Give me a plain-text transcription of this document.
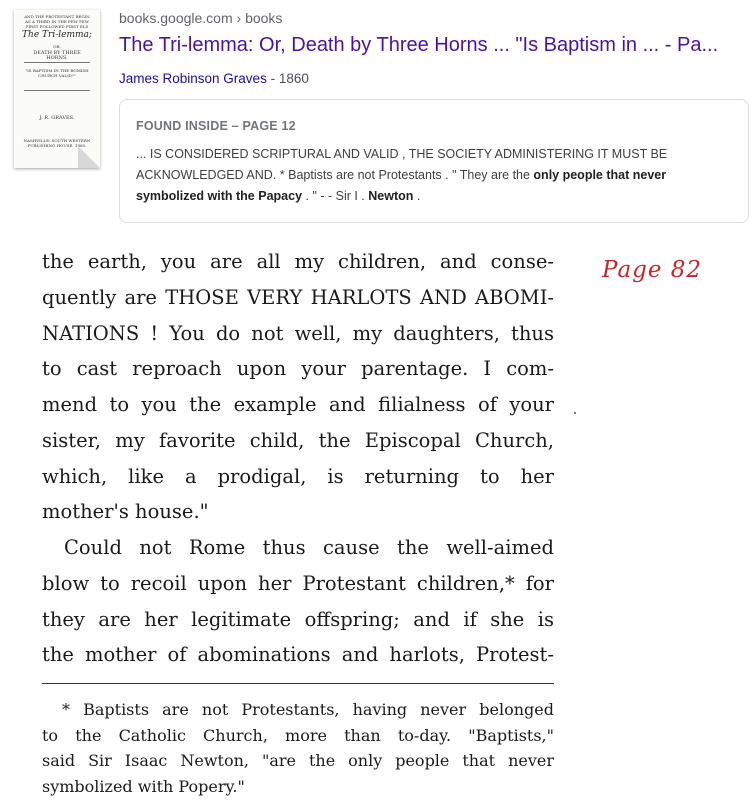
AND THE PROTESTANT BEGIN AS A THIRD IN THE FEW FEW FIRST FOLLOWED FIRST ELS
The Tri-lemma;
OR,
DEATH BY THREE HORNS.
"IS BAPTISM IN THE ROMISH CHURCH VALID?"
J. R. GRAVES.
NASHVILLE: SOUTH WESTERN PUBLISHING HOUSE. 1860.
books.google.com › books
The Tri-lemma: Or, Death by Three Horns ... "Is Baptism in ... - Pa...
James Robinson Graves - 1860
FOUND INSIDE – PAGE 12
... IS CONSIDERED SCRIPTURAL AND VALID , THE SOCIETY ADMINISTERING IT MUST BE ACKNOWLEDGED AND. * Baptists are not Protestants . " They are the only people that never symbolized with the Papacy . " - - Sir I . Newton .
Page 82
the earth, you are all my children, and conse-
quently are THOSE VERY HARLOTS AND ABOMI-
NATIONS ! You do not well, my daughters, thus
to cast reproach upon your parentage. I com-
mend to you the example and filialness of your
sister, my favorite child, the Episcopal Church,
which, like a prodigal, is returning to her
mother's house."
Could not Rome thus cause the well-aimed
blow to recoil upon her Protestant children,* for
they are her legitimate offspring; and if she is
the mother of abominations and harlots, Protest-
* Baptists are not Protestants, having never belonged
to the Catholic Church, more than to-day. "Baptists,"
said Sir Isaac Newton, "are the only people that never
symbolized with Popery."
